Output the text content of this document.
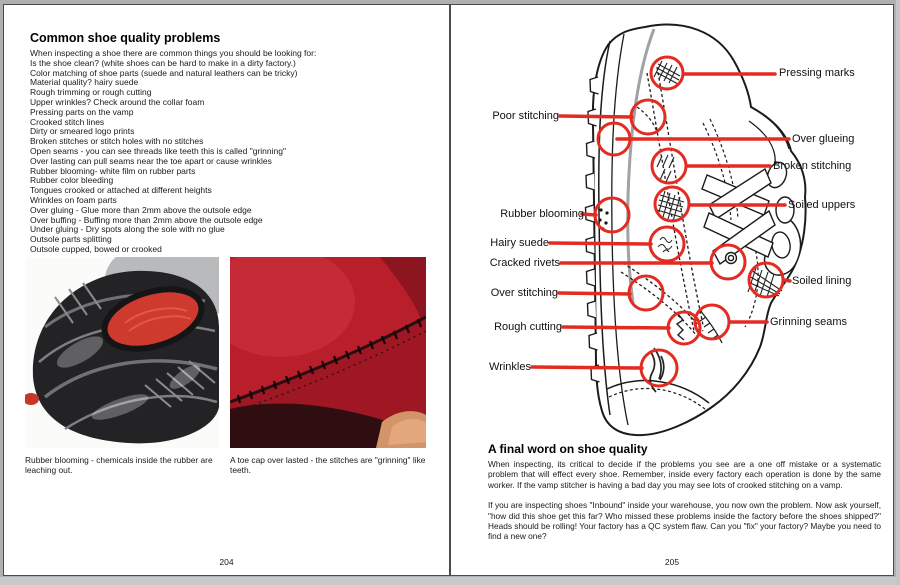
Common shoe quality problems
When inspecting a shoe there are common things you should be looking for:
Is the shoe clean? (white shoes can be hard to make in a dirty factory.)
Color matching of shoe parts (suede and natural leathers can be tricky)
Material quality? hairy suede
Rough trimming or rough cutting
Upper wrinkles? Check around the collar foam
Pressing parts on the vamp
Crooked stitch lines
Dirty or smeared logo prints
Broken stitches or stitch holes with no stitches
Open seams - you can see threads like teeth this is called "grinning"
Over lasting can pull seams near the toe apart or cause wrinkles
Rubber blooming- white film on rubber parts
Rubber color bleeding
Tongues crooked or attached at different heights
Wrinkles on foam parts
Over gluing - Glue more than 2mm above the outsole edge
Over buffing - Buffing more than 2mm above the outsole edge
Under gluing - Dry spots along the sole with no glue
Outsole parts splitting
Outsole cupped, bowed or crooked
Rubber blooming - chemicals inside the rubber are leaching out.
A toe cap over lasted - the stitches are "grinning" like teeth.
204
Pressing marks
Poor stitching
Over glueing
Broken stitching
Soiled uppers
Rubber blooming
Hairy suede
Cracked rivets
Soiled lining
Over stitching
Rough cutting	Grinning seams
Wrinkles
A final word on shoe quality

When inspecting, its critical to decide if the problems you see are a one off mistake or a systematic problem that will effect every shoe. Remember, inside every factory each operation is done by the same worker. If the vamp stitcher is having a bad day you may see lots of crooked stitching on a vamp.

If you are inspecting shoes "Inbound" inside your warehouse, you now own the problem. Now ask yourself, "how did this shoe get this far? Who missed these problems inside the factory before the shoes shipped?" Heads should be rolling! Your factory has a QC system flaw. Can you "fix" your factory? Maybe you need to find a new one?

205
